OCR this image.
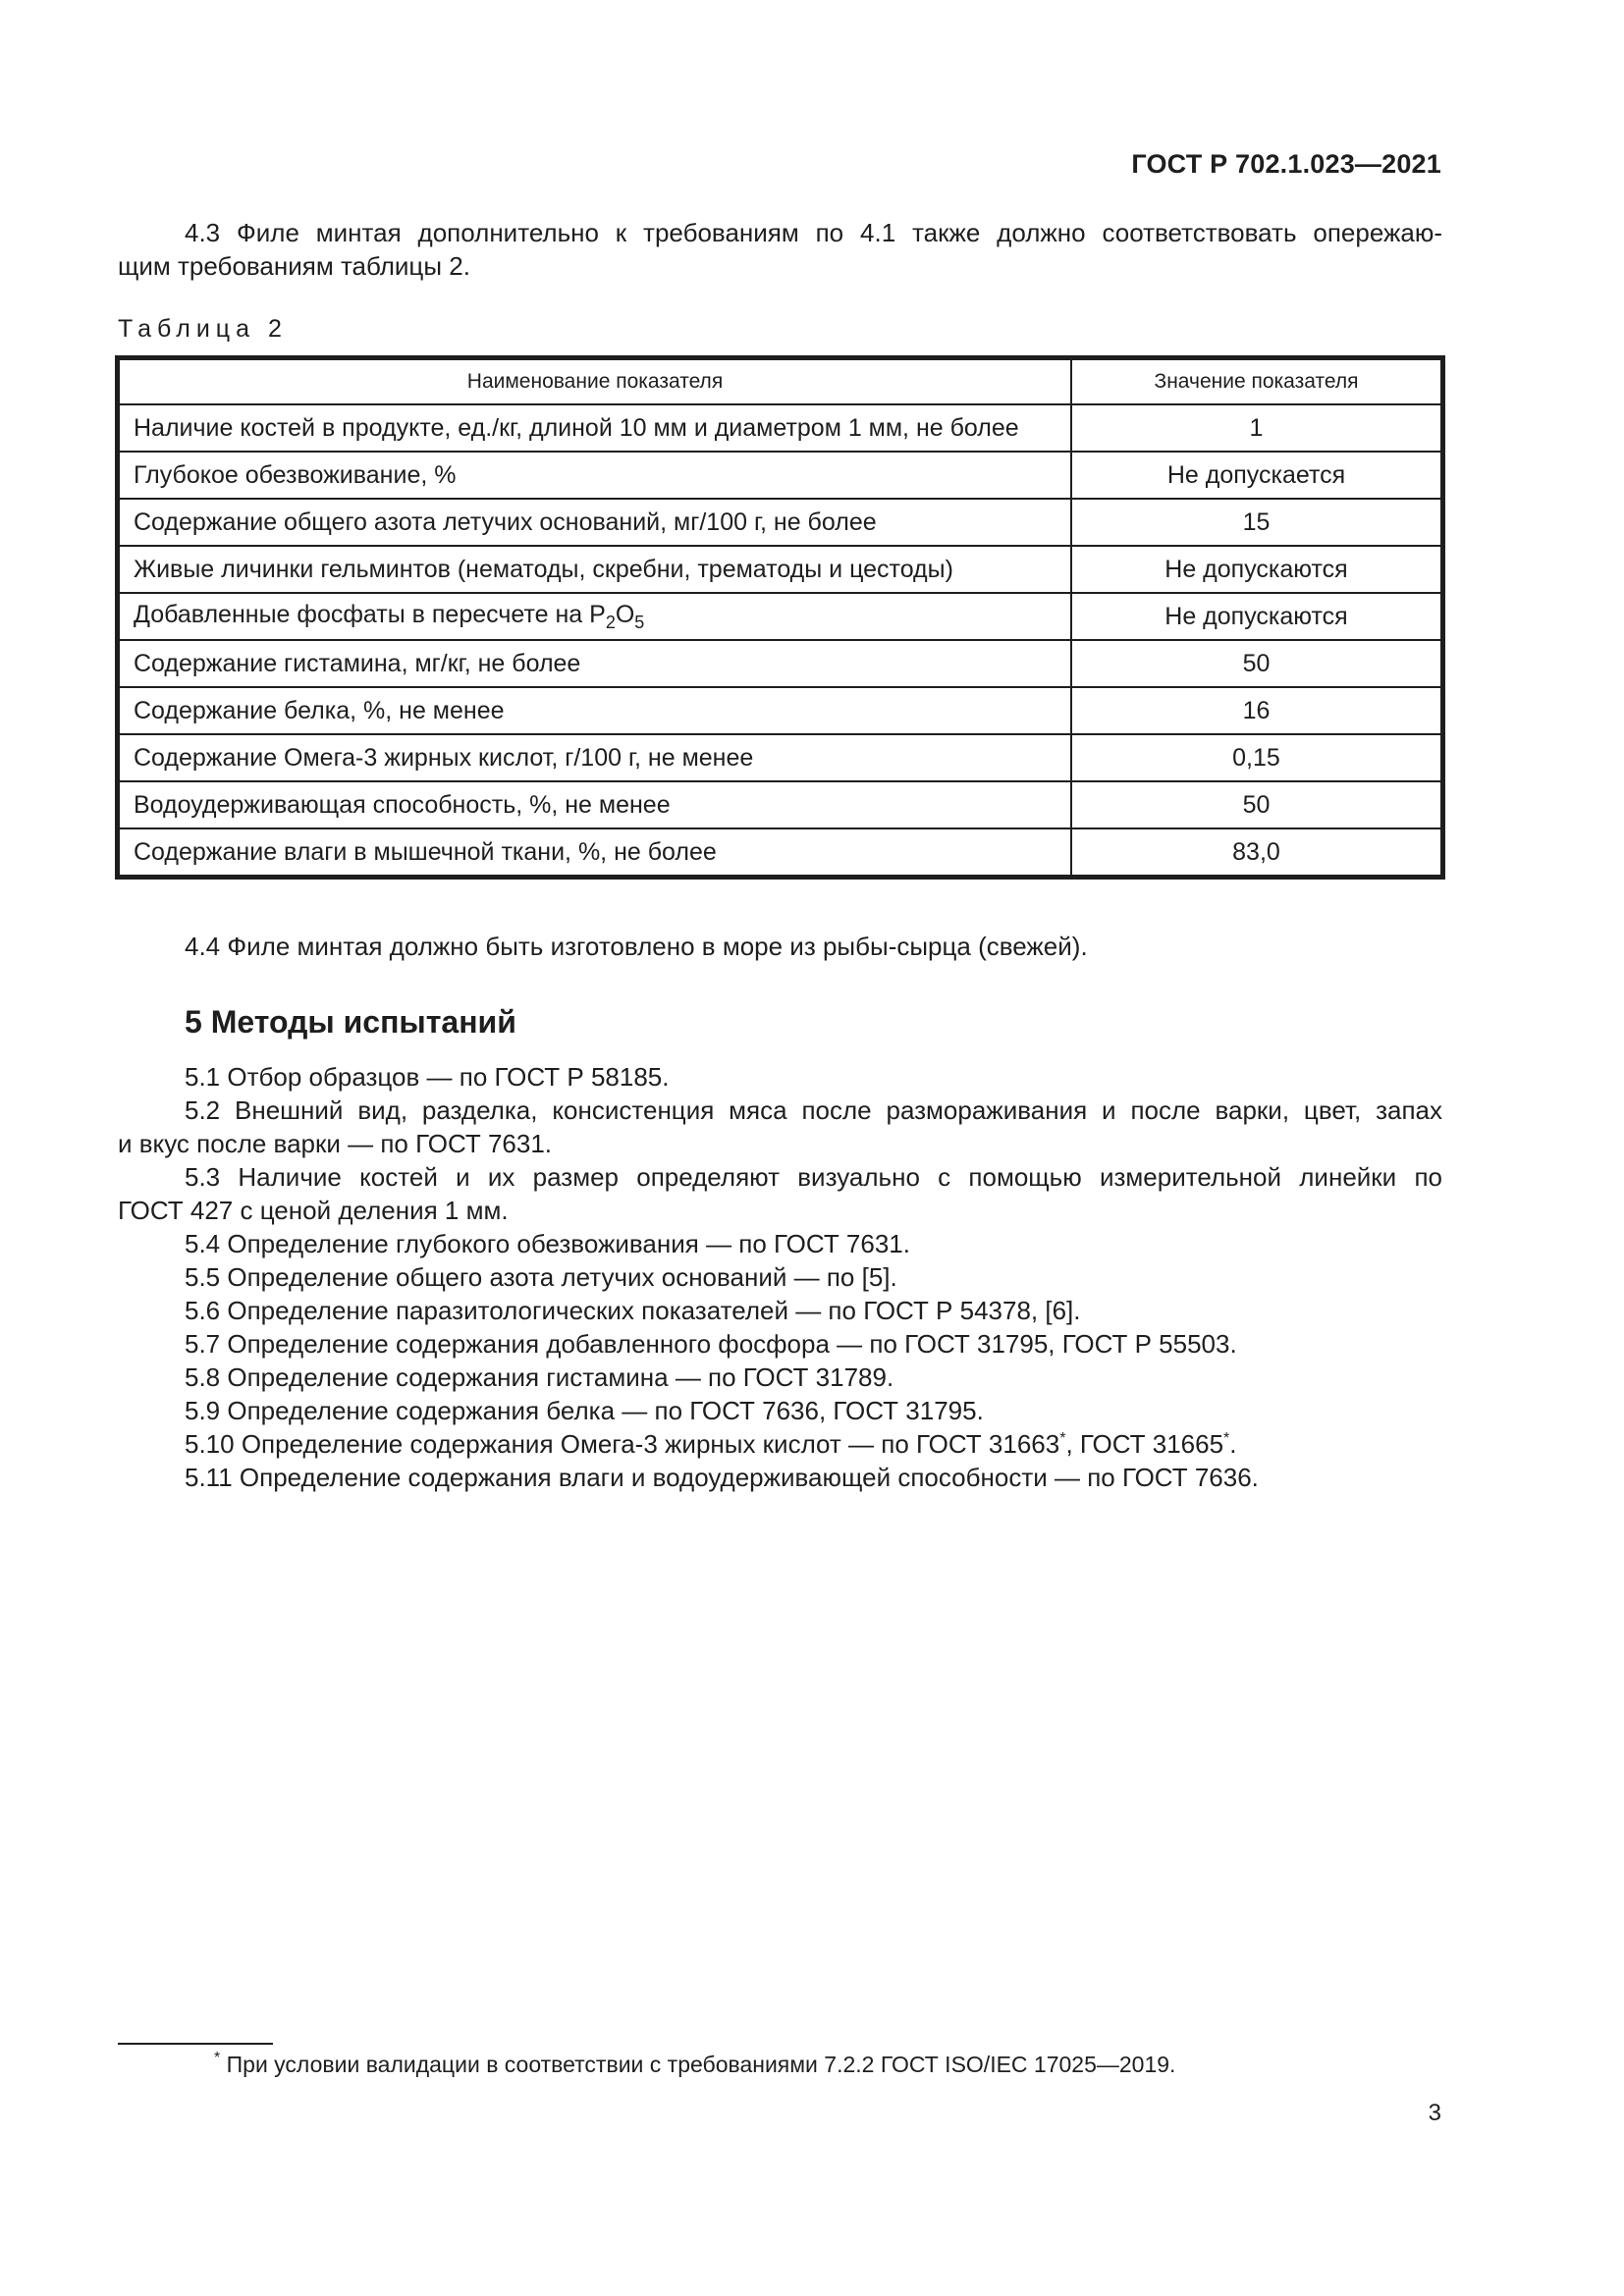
ГОСТ Р 702.1.023—2021
4.3 Филе минтая дополнительно к требованиям по 4.1 также должно соответствовать опережаю-
щим требованиям таблицы 2.
Таблица 2
Наименование показателя	Значение показателя
Наличие костей в продукте, ед./кг, длиной 10 мм и диаметром 1 мм, не более	1
Глубокое обезвоживание, %	Не допускается
Содержание общего азота летучих оснований, мг/100 г, не более	15
Живые личинки гельминтов (нематоды, скребни, трематоды и цестоды)	Не допускаются
Добавленные фосфаты в пересчете на $P_2O_5$	Не допускаются
Содержание гистамина, мг/кг, не более	50
Содержание белка, %, не менее	16
Содержание Омега-3 жирных кислот, г/100 г, не менее	0,15
Водоудерживающая способность, %, не менее	50
Содержание влаги в мышечной ткани, %, не более	83,0
4.4 Филе минтая должно быть изготовлено в море из рыбы-сырца (свежей).
5 Методы испытаний
5.1 Отбор образцов — по ГОСТ Р 58185.
5.2 Внешний вид, разделка, консистенция мяса после размораживания и после варки, цвет, запах
и вкус после варки — по ГОСТ 7631.
5.3 Наличие костей и их размер определяют визуально с помощью измерительной линейки по
ГОСТ 427 с ценой деления 1 мм.
5.4 Определение глубокого обезвоживания — по ГОСТ 7631.
5.5 Определение общего азота летучих оснований — по [5].
5.6 Определение паразитологических показателей — по ГОСТ Р 54378, [6].
5.7 Определение содержания добавленного фосфора — по ГОСТ 31795, ГОСТ Р 55503.
5.8 Определение содержания гистамина — по ГОСТ 31789.
5.9 Определение содержания белка — по ГОСТ 7636, ГОСТ 31795.
5.10 Определение содержания Омега-3 жирных кислот — по ГОСТ 31663*, ГОСТ 31665*.
5.11 Определение содержания влаги и водоудерживающей способности — по ГОСТ 7636.
* При условии валидации в соответствии с требованиями 7.2.2 ГОСТ ISO/IEC 17025—2019.
3
